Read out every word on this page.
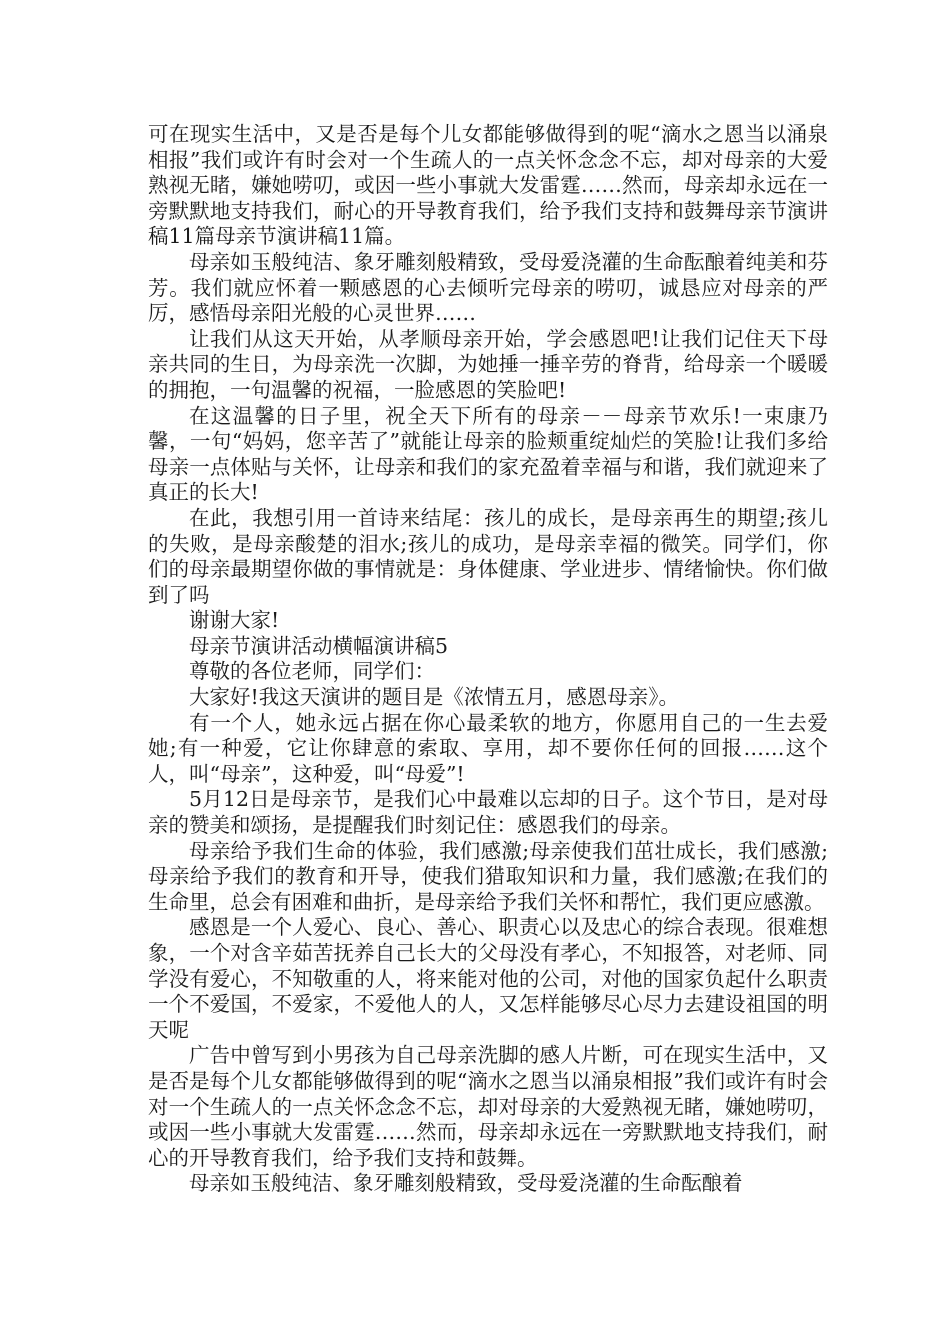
可在现实生活中，又是否是每个儿女都能够做得到的呢“滴水之恩当以涌泉相报”我们或许有时会对一个生疏人的一点关怀念念不忘，却对母亲的大爱熟视无睹，嫌她唠叨，或因一些小事就大发雷霆……然而，母亲却永远在一旁默默地支持我们，耐心的开导教育我们，给予我们支持和鼓舞母亲节演讲稿11篇母亲节演讲稿11篇。

母亲如玉般纯洁、象牙雕刻般精致，受母爱浇灌的生命酝酿着纯美和芬芳。我们就应怀着一颗感恩的心去倾听完母亲的唠叨，诚恳应对母亲的严厉，感悟母亲阳光般的心灵世界……

让我们从这天开始，从孝顺母亲开始，学会感恩吧!让我们记住天下母亲共同的生日，为母亲洗一次脚，为她捶一捶辛劳的脊背，给母亲一个暖暖的拥抱，一句温馨的祝福，一脸感恩的笑脸吧!

在这温馨的日子里，祝全天下所有的母亲－－母亲节欢乐!一束康乃馨，一句“妈妈，您辛苦了”就能让母亲的脸颊重绽灿烂的笑脸!让我们多给母亲一点体贴与关怀，让母亲和我们的家充盈着幸福与和谐，我们就迎来了真正的长大!

在此，我想引用一首诗来结尾：孩儿的成长，是母亲再生的期望;孩儿的失败，是母亲酸楚的泪水;孩儿的成功，是母亲幸福的微笑。同学们，你们的母亲最期望你做的事情就是：身体健康、学业进步、情绪愉快。你们做到了吗

谢谢大家!

母亲节演讲活动横幅演讲稿5

尊敬的各位老师，同学们：

大家好!我这天演讲的题目是《浓情五月，感恩母亲》。

有一个人，她永远占据在你心最柔软的地方，你愿用自己的一生去爱她;有一种爱，它让你肆意的索取、享用，却不要你任何的回报……这个人，叫“母亲”，这种爱，叫“母爱”!

5月12日是母亲节，是我们心中最难以忘却的日子。这个节日，是对母亲的赞美和颂扬，是提醒我们时刻记住：感恩我们的母亲。

母亲给予我们生命的体验，我们感激;母亲使我们茁壮成长，我们感激;母亲给予我们的教育和开导，使我们猎取知识和力量，我们感激;在我们的生命里，总会有困难和曲折，是母亲给予我们关怀和帮忙，我们更应感激。

感恩是一个人爱心、良心、善心、职责心以及忠心的综合表现。很难想象，一个对含辛茹苦抚养自己长大的父母没有孝心，不知报答，对老师、同学没有爱心，不知敬重的人，将来能对他的公司，对他的国家负起什么职责一个不爱国，不爱家，不爱他人的人，又怎样能够尽心尽力去建设祖国的明天呢

广告中曾写到小男孩为自己母亲洗脚的感人片断，可在现实生活中，又是否是每个儿女都能够做得到的呢“滴水之恩当以涌泉相报”我们或许有时会对一个生疏人的一点关怀念念不忘，却对母亲的大爱熟视无睹，嫌她唠叨，或因一些小事就大发雷霆……然而，母亲却永远在一旁默默地支持我们，耐心的开导教育我们，给予我们支持和鼓舞。

母亲如玉般纯洁、象牙雕刻般精致，受母爱浇灌的生命酝酿着
